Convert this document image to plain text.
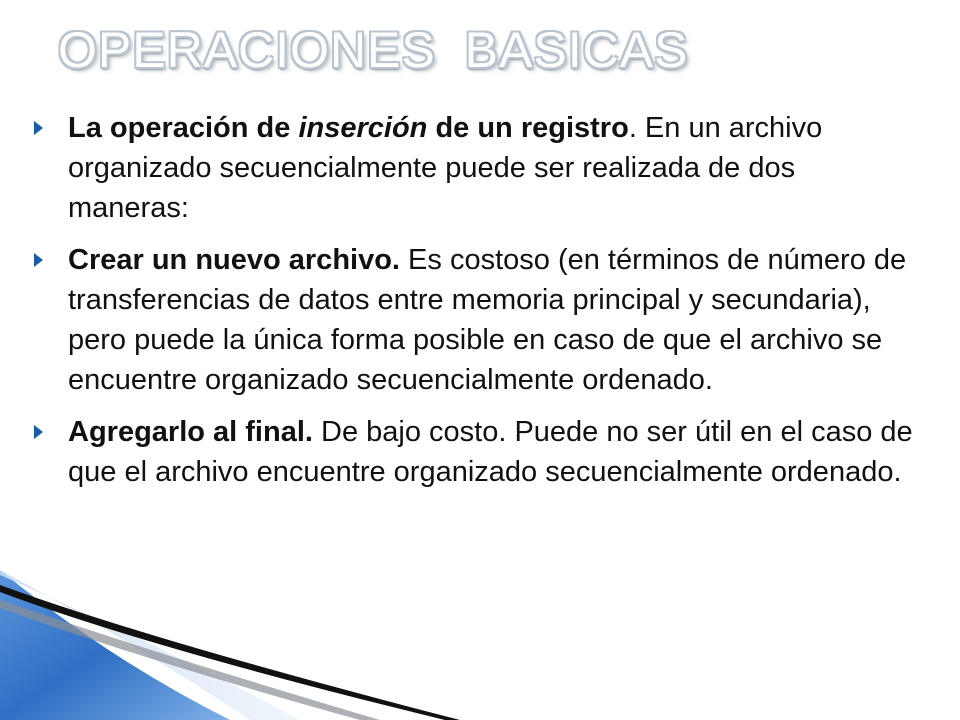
OPERACIONES BASICAS
La operación de inserción de un registro. En un archivo organizado secuencialmente puede ser realizada de dos maneras:
Crear un nuevo archivo. Es costoso (en términos de número de transferencias de datos entre memoria principal y secundaria), pero puede la única forma posible en caso de que el archivo se encuentre organizado secuencialmente ordenado.
Agregarlo al final. De bajo costo. Puede no ser útil en el caso de que el archivo encuentre organizado secuencialmente ordenado.
